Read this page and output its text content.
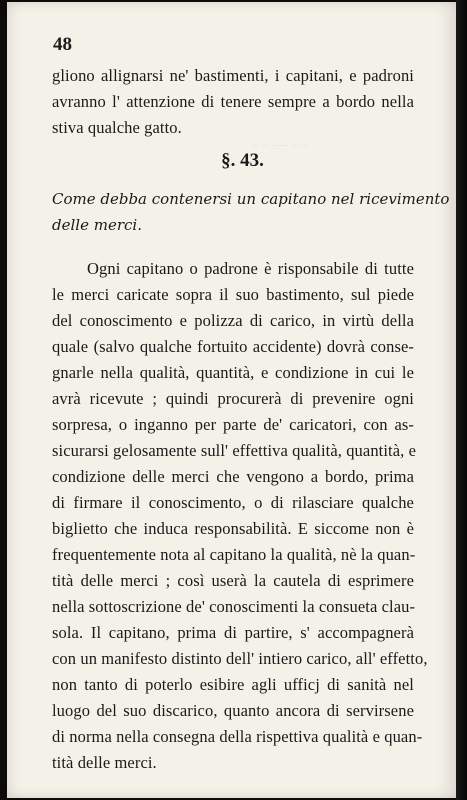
_ _ _ _ _ _
48
gliono allignarsi ne' bastimenti, i capitani, e padroni
avranno l' attenzione di tenere sempre a bordo nella
stiva qualche gatto.
§. 43.
Come debba contenersi un capitano nel ricevimento
delle merci.
Ogni capitano o padrone è risponsabile di tutte
le merci caricate sopra il suo bastimento, sul piede
del conoscimento e polizza di carico, in virtù della
quale (salvo qualche fortuito accidente) dovrà conse-
gnarle nella qualità, quantità, e condizione in cui le
avrà ricevute ; quindi procurerà di prevenire ogni
sorpresa, o inganno per parte de' caricatori, con as-
sicurarsi gelosamente sull' effettiva qualità, quantità, e
condizione delle merci che vengono a bordo, prima
di firmare il conoscimento, o di rilasciare qualche
biglietto che induca responsabilità. E siccome non è
frequentemente nota al capitano la qualità, nè la quan-
tità delle merci ; così userà la cautela di esprimere
nella sottoscrizione de' conoscimenti la consueta clau-
sola. Il capitano, prima di partire, s' accompagnerà
con un manifesto distinto dell' intiero carico, all' effetto,
non tanto di poterlo esibire agli ufficj di sanità nel
luogo del suo discarico, quanto ancora di servirsene
di norma nella consegna della rispettiva qualità e quan-
tità delle merci.
